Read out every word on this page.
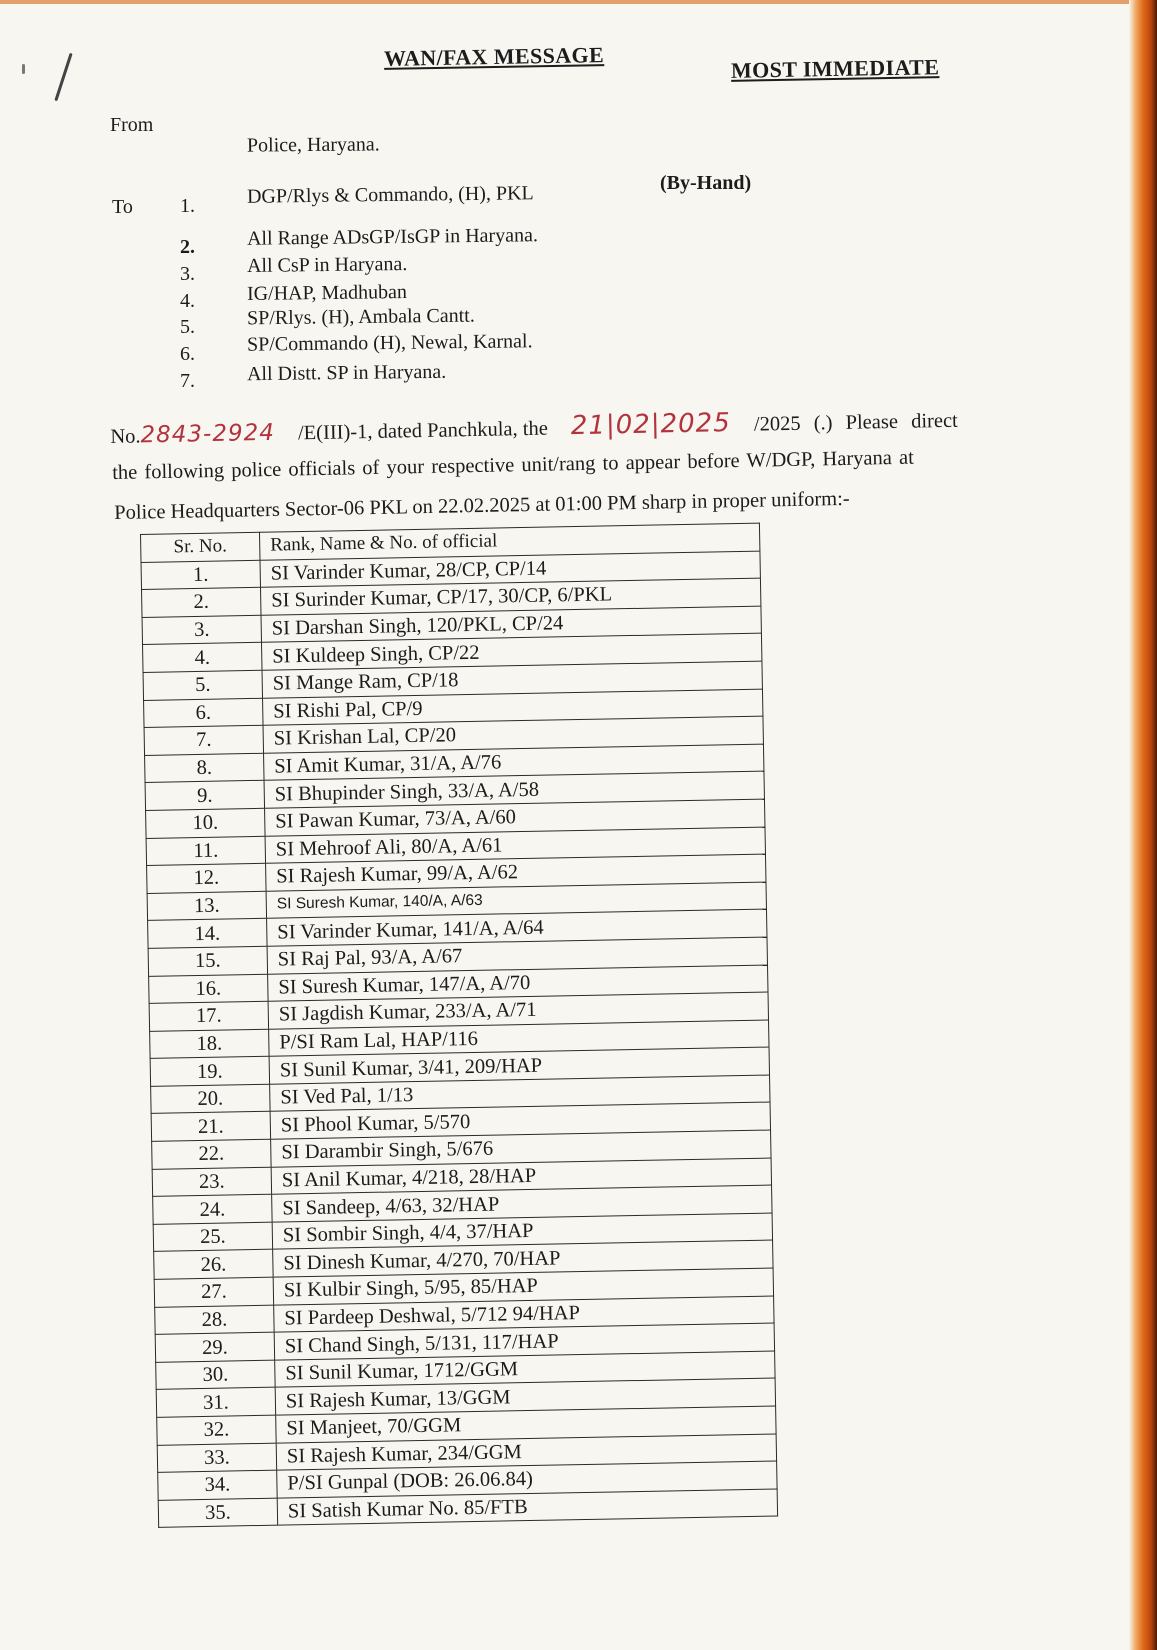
WAN/FAX MESSAGE	MOST IMMEDIATE
From
Police, Haryana.
To
(By-Hand)
1.	DGP/Rlys & Commando, (H), PKL
2.	All Range ADsGP/IsGP in Haryana.
3.	All CsP in Haryana.
4.	IG/HAP, Madhuban
5.	SP/Rlys. (H), Ambala Cantt.
6.	SP/Commando (H), Newal, Karnal.
7.	All Distt. SP in Haryana.
No.2843-2924 /E(III)-1, dated Panchkula, the 21|02|2025 /2025 (.) Please direct
the following police officials of your respective unit/rang to appear before W/DGP, Haryana at
Police Headquarters Sector-06 PKL on 22.02.2025 at 01:00 PM sharp in proper uniform:-
Sr. No.	Rank, Name & No. of official
1.	SI Varinder Kumar, 28/CP, CP/14
2.	SI Surinder Kumar, CP/17, 30/CP, 6/PKL
3.	SI Darshan Singh, 120/PKL, CP/24
4.	SI Kuldeep Singh, CP/22
5.	SI Mange Ram, CP/18
6.	SI Rishi Pal, CP/9
7.	SI Krishan Lal, CP/20
8.	SI Amit Kumar, 31/A, A/76
9.	SI Bhupinder Singh, 33/A, A/58
10.	SI Pawan Kumar, 73/A, A/60
11.	SI Mehroof Ali, 80/A, A/61
12.	SI Rajesh Kumar, 99/A, A/62
13.	SI Suresh Kumar, 140/A, A/63
14.	SI Varinder Kumar, 141/A, A/64
15.	SI Raj Pal, 93/A, A/67
16.	SI Suresh Kumar, 147/A, A/70
17.	SI Jagdish Kumar, 233/A, A/71
18.	P/SI Ram Lal, HAP/116
19.	SI Sunil Kumar, 3/41, 209/HAP
20.	SI Ved Pal, 1/13
21.	SI Phool Kumar, 5/570
22.	SI Darambir Singh, 5/676
23.	SI Anil Kumar, 4/218, 28/HAP
24.	SI Sandeep, 4/63, 32/HAP
25.	SI Sombir Singh, 4/4, 37/HAP
26.	SI Dinesh Kumar, 4/270, 70/HAP
27.	SI Kulbir Singh, 5/95, 85/HAP
28.	SI Pardeep Deshwal, 5/712 94/HAP
29.	SI Chand Singh, 5/131, 117/HAP
30.	SI Sunil Kumar, 1712/GGM
31.	SI Rajesh Kumar, 13/GGM
32.	SI Manjeet, 70/GGM
33.	SI Rajesh Kumar, 234/GGM
34.	P/SI Gunpal (DOB: 26.06.84)
35.	SI Satish Kumar No. 85/FTB
